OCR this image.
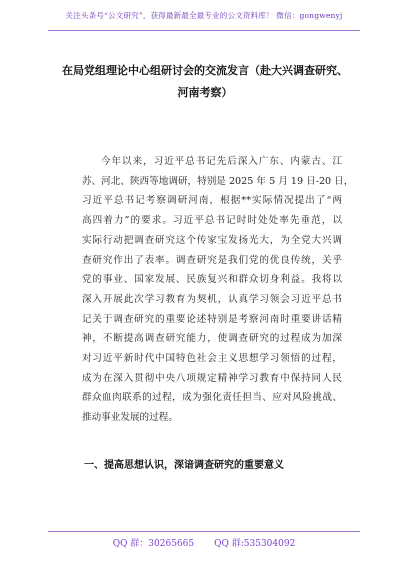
关注头条号“公文研究”，获得最新最全最专业的公文资料库！ 微信：gongwenyj
在局党组理论中心组研讨会的交流发言（赴大兴调查研究、
河南考察）
今年以来，习近平总书记先后深入广东、内蒙古、江
苏、河北、陕西等地调研，特别是 2025 年 5 月 19 日-20 日，
习近平总书记考察调研河南，根据**实际情况提出了“两
高四着力”的要求。习近平总书记时时处处率先垂范，以
实际行动把调查研究这个传家宝发扬光大，为全党大兴调
查研究作出了表率。调查研究是我们党的优良传统，关乎
党的事业、国家发展、民族复兴和群众切身利益。我将以
深入开展此次学习教育为契机，认真学习领会习近平总书
记关于调查研究的重要论述特别是考察河南时重要讲话精
神，不断提高调查研究能力，使调查研究的过程成为加深
对习近平新时代中国特色社会主义思想学习领悟的过程，
成为在深入贯彻中央八项规定精神学习教育中保持同人民
群众血肉联系的过程，成为强化责任担当、应对风险挑战、
推动事业发展的过程。
一、提高思想认识，深谙调查研究的重要意义
QQ 群：30265665 QQ 群:535304092
